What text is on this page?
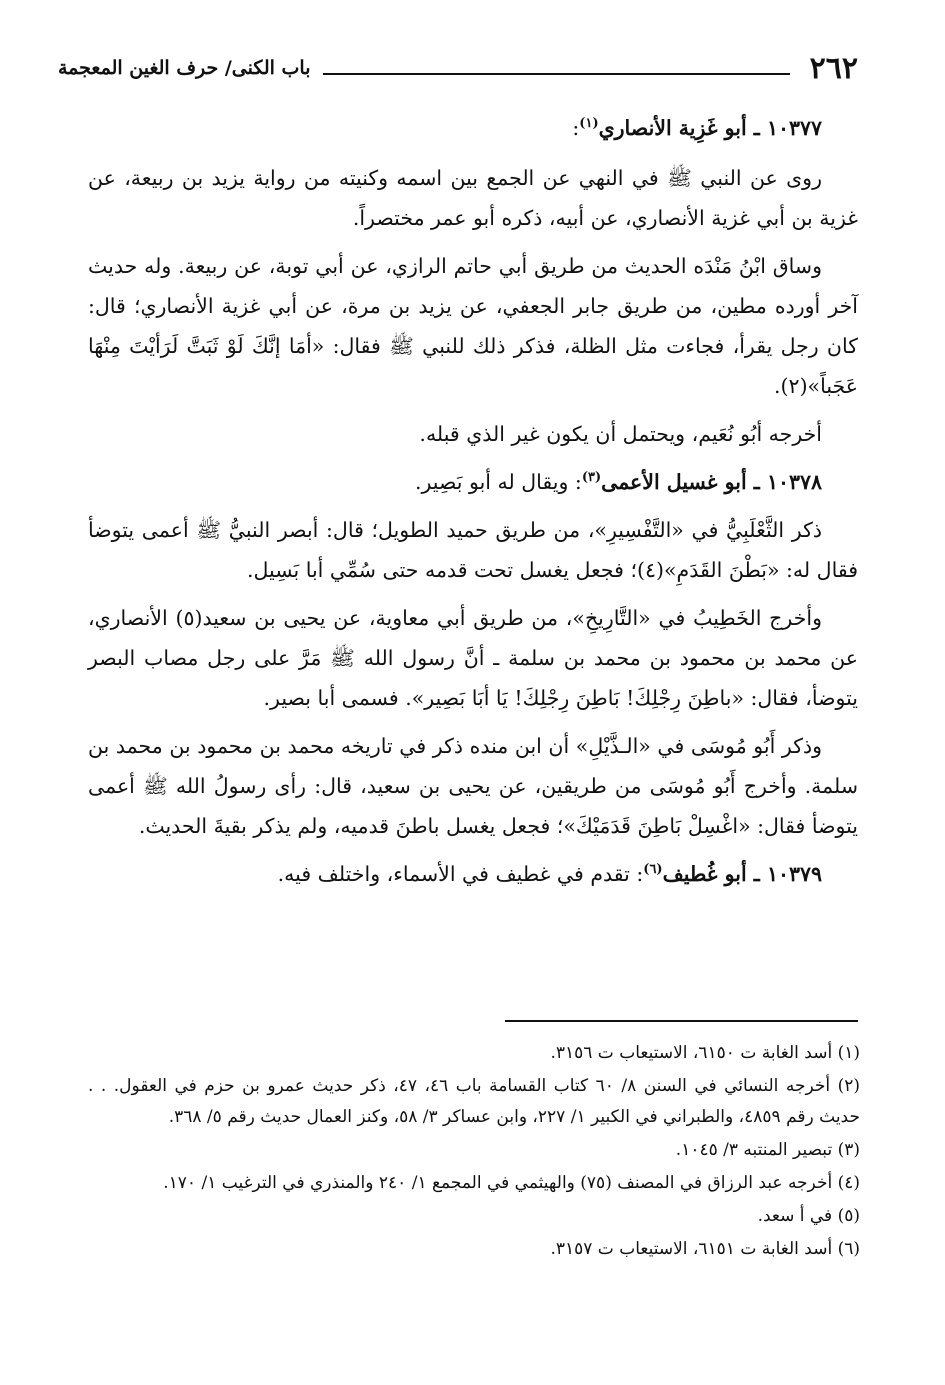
٢٦٢
باب الكنى/ حرف الغين المعجمة

١٠٣٧٧ ـ أبو غَزِية الأنصاري$^{(١)}$:

روى عن النبي ﷺ في النهي عن الجمع بين اسمه وكنيته من رواية يزيد بن ربيعة، عن غزية بن أبي غزية الأنصاري، عن أبيه، ذكره أبو عمر مختصراً.

وساق ابْنُ مَنْدَه الحديث من طريق أبي حاتم الرازي، عن أبي توبة، عن ربيعة. وله حديث آخر أورده مطين، من طريق جابر الجعفي، عن يزيد بن مرة، عن أبي غزية الأنصاري؛ قال: كان رجل يقرأ، فجاءت مثل الظلة، فذكر ذلك للنبي ﷺ فقال: «أمَا إنَّكَ لَوْ ثَبَتَّ لَرَأيْتَ مِنْهَا عَجَباً»(٢).

أخرجه أبُو نُعَيم، ويحتمل أن يكون غير الذي قبله.

١٠٣٧٨ ـ أبو غسيل الأعمى$^{(٣)}$: ويقال له أبو بَصِير.

ذكر الثَّعْلَبِيُّ في «التَّفْسِيرِ»، من طريق حميد الطويل؛ قال: أبصر النبيُّ ﷺ أعمى يتوضأ فقال له: «بَطْنَ القَدَمِ»(٤)؛ فجعل يغسل تحت قدمه حتى سُمِّي أبا بَسِيل.

وأخرج الخَطِيبُ في «التَّارِيخِ»، من طريق أبي معاوية، عن يحيى بن سعيد(٥) الأنصاري، عن محمد بن محمود بن محمد بن سلمة ـ أنَّ رسول الله ﷺ مَرَّ على رجل مصاب البصر يتوضأ، فقال: «باطِنَ رِجْلِكَ! بَاطِنَ رِجْلِكَ! يَا أبَا بَصِير». فسمى أبا بصير.

وذكر أَبُو مُوسَى في «الـذَّيْلِ» أن ابن منده ذكر في تاريخه محمد بن محمود بن محمد بن سلمة. وأخرج أَبُو مُوسَى من طريقين، عن يحيى بن سعيد، قال: رأى رسولُ الله ﷺ أعمى يتوضأ فقال: «اغْسِلْ بَاطِنَ قَدَمَيْكَ»؛ فجعل يغسل باطنَ قدميه، ولم يذكر بقيةَ الحديث.

١٠٣٧٩ ـ أبو غُطيف$^{(٦)}$: تقدم في غطيف في الأسماء، واختلف فيه.

(١) أسد الغابة ت ٦١٥٠، الاستيعاب ت ٣١٥٦.

(٢) أخرجه النسائي في السنن ٨/ ٦٠ كتاب القسامة باب ٤٦، ٤٧، ذكر حديث عمرو بن حزم في العقول. . . حديث رقم ٤٨٥٩، والطبراني في الكبير ١/ ٢٢٧، وابن عساكر ٣/ ٥٨، وكنز العمال حديث رقم ٥/ ٣٦٨.

(٣) تبصير المنتبه ٣/ ١٠٤٥.

(٤) أخرجه عبد الرزاق في المصنف (٧٥) والهيثمي في المجمع ١/ ٢٤٠ والمنذري في الترغيب ١/ ١٧٠.

(٥) في أ سعد.

(٦) أسد الغابة ت ٦١٥١، الاستيعاب ت ٣١٥٧.
